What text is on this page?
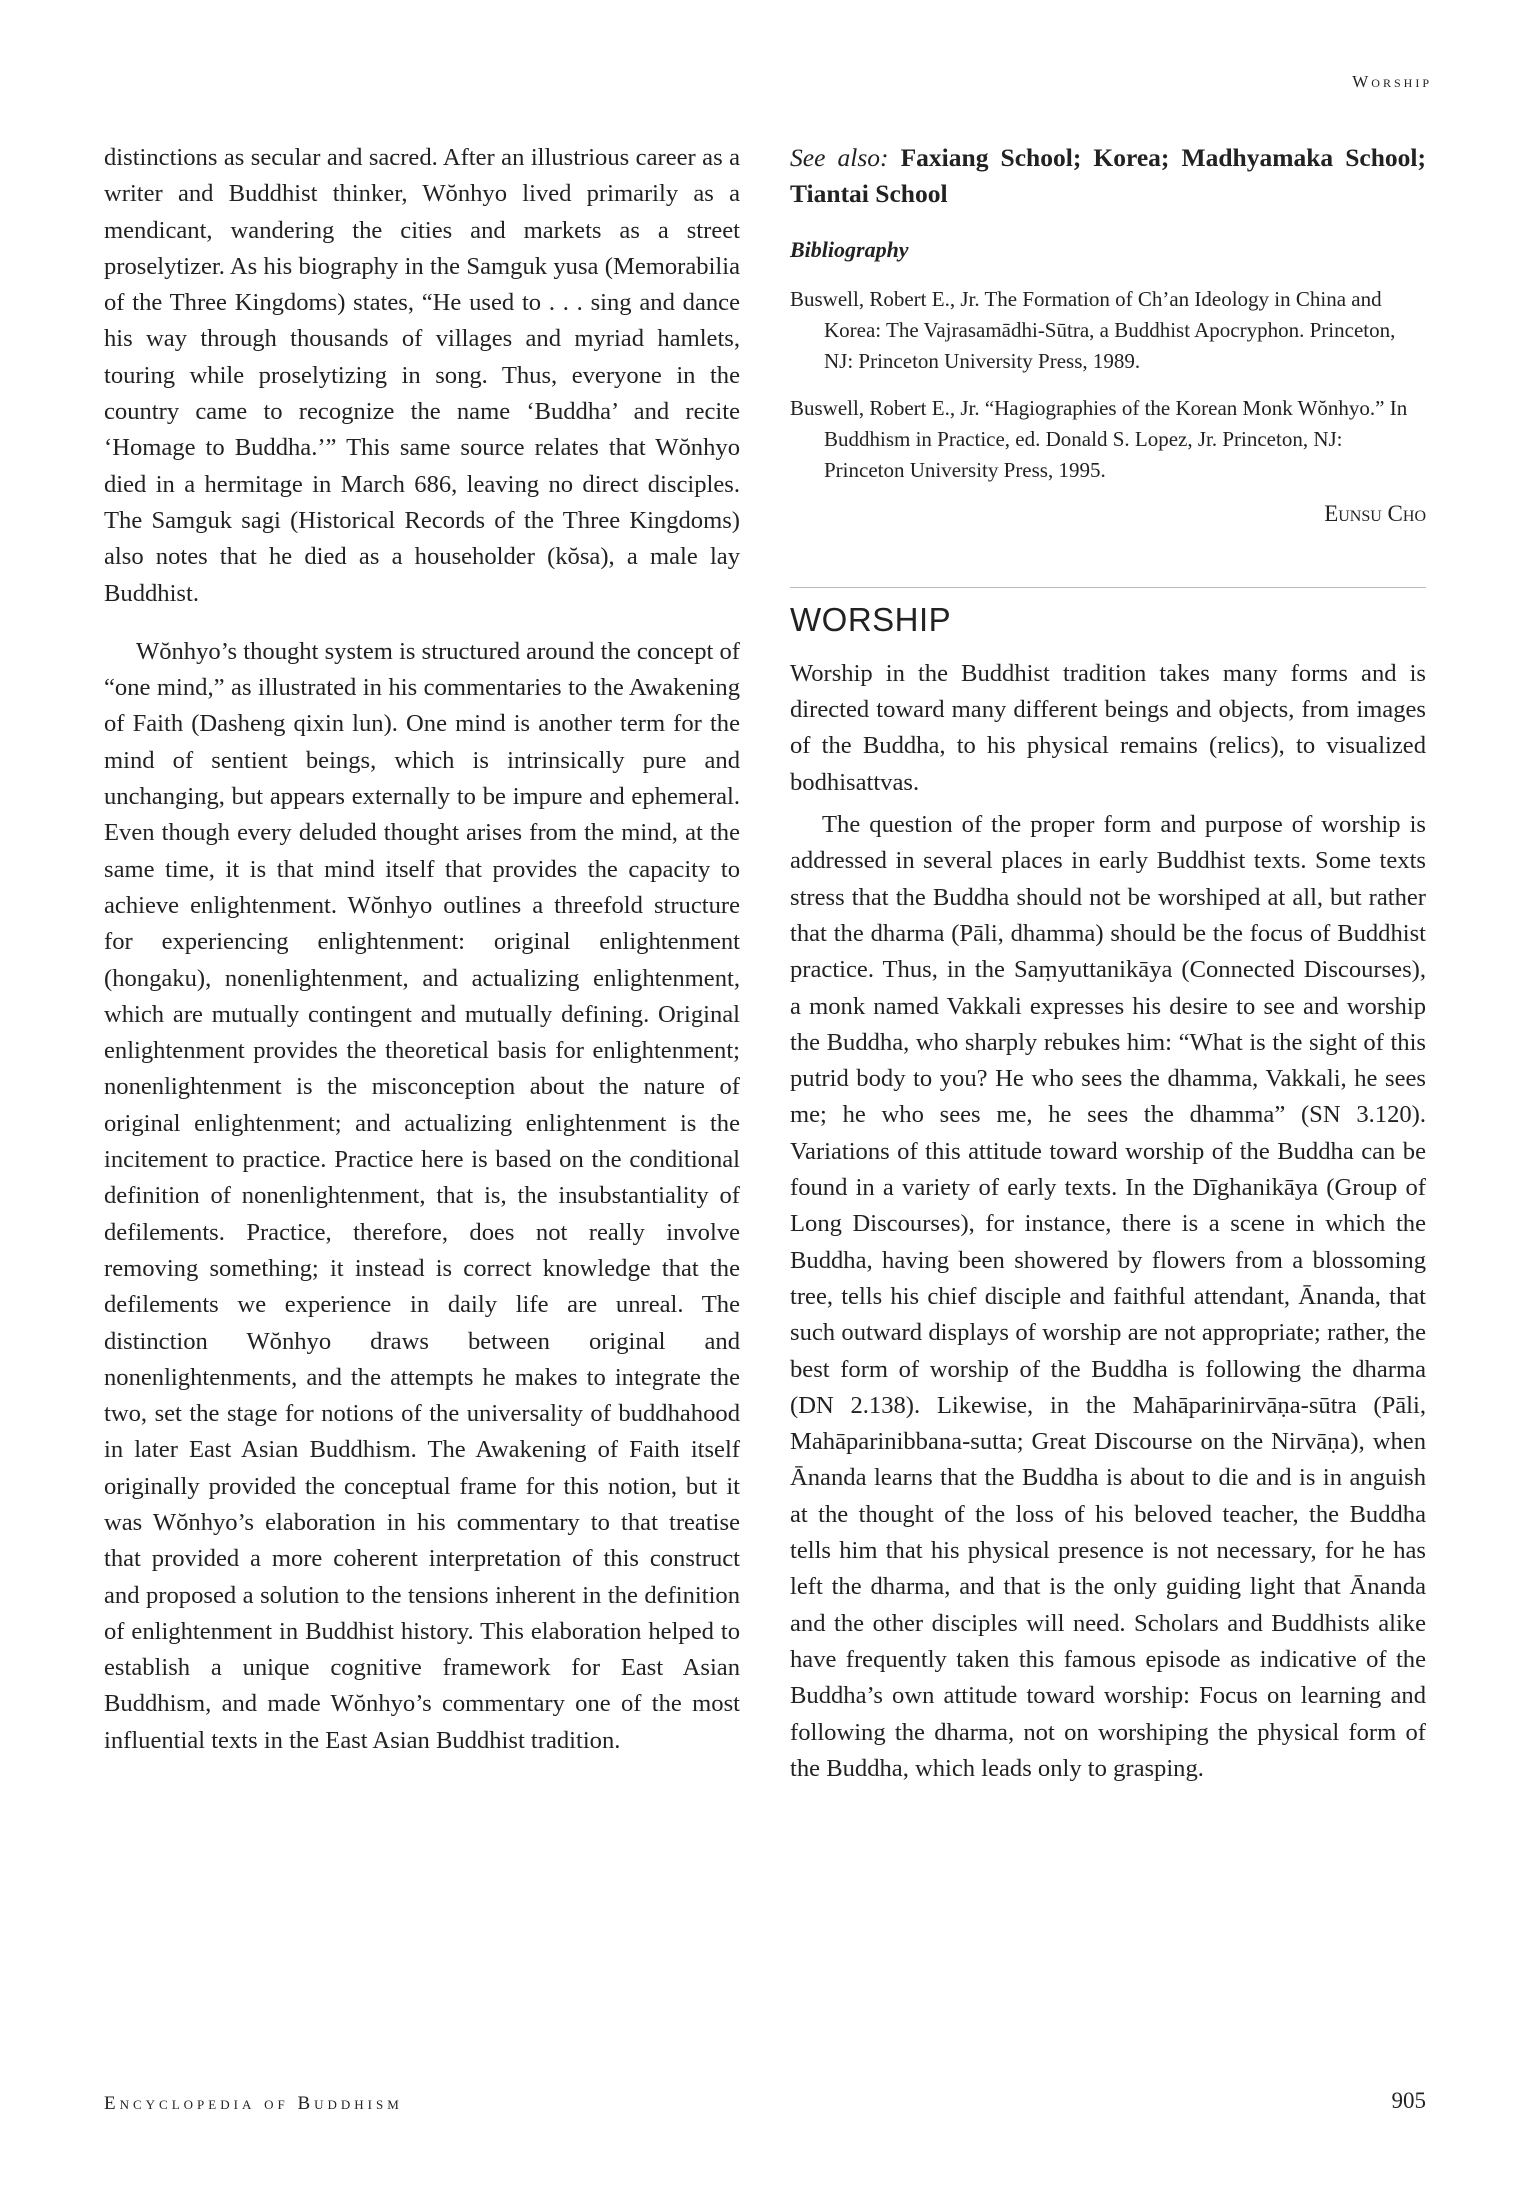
Worship

distinctions as secular and sacred. After an illustrious career as a writer and Buddhist thinker, Wŏnhyo lived primarily as a mendicant, wandering the cities and markets as a street proselytizer. As his biography in the Samguk yusa (Memorabilia of the Three Kingdoms) states, “He used to . . . sing and dance his way through thousands of villages and myriad hamlets, touring while proselytizing in song. Thus, everyone in the country came to recognize the name ‘Buddha’ and recite ‘Homage to Buddha.’” This same source relates that Wŏnhyo died in a hermitage in March 686, leaving no direct disciples. The Samguk sagi (Historical Records of the Three Kingdoms) also notes that he died as a householder (kŏsa), a male lay Buddhist.

Wŏnhyo’s thought system is structured around the concept of “one mind,” as illustrated in his commentaries to the Awakening of Faith (Dasheng qixin lun). One mind is another term for the mind of sentient beings, which is intrinsically pure and unchanging, but appears externally to be impure and ephemeral. Even though every deluded thought arises from the mind, at the same time, it is that mind itself that provides the capacity to achieve enlightenment. Wŏnhyo outlines a threefold structure for experiencing enlightenment: original enlightenment (hongaku), nonenlightenment, and actualizing enlightenment, which are mutually contingent and mutually defining. Original enlightenment provides the theoretical basis for enlightenment; nonenlightenment is the misconception about the nature of original enlightenment; and actualizing enlightenment is the incitement to practice. Practice here is based on the conditional definition of nonenlightenment, that is, the insubstantiality of defilements. Practice, therefore, does not really involve removing something; it instead is correct knowledge that the defilements we experience in daily life are unreal. The distinction Wŏnhyo draws between original and nonenlightenments, and the attempts he makes to integrate the two, set the stage for notions of the universality of buddhahood in later East Asian Buddhism. The Awakening of Faith itself originally provided the conceptual frame for this notion, but it was Wŏnhyo’s elaboration in his commentary to that treatise that provided a more coherent interpretation of this construct and proposed a solution to the tensions inherent in the definition of enlightenment in Buddhist history. This elaboration helped to establish a unique cognitive framework for East Asian Buddhism, and made Wŏnhyo’s commentary one of the most influential texts in the East Asian Buddhist tradition.

See also: Faxiang School; Korea; Madhyamaka School; Tiantai School

Bibliography

Buswell, Robert E., Jr. The Formation of Ch’an Ideology in China and Korea: The Vajrasamādhi-Sūtra, a Buddhist Apocryphon. Princeton, NJ: Princeton University Press, 1989.

Buswell, Robert E., Jr. “Hagiographies of the Korean Monk Wŏnhyo.” In Buddhism in Practice, ed. Donald S. Lopez, Jr. Princeton, NJ: Princeton University Press, 1995.

Eunsu Cho

WORSHIP

Worship in the Buddhist tradition takes many forms and is directed toward many different beings and objects, from images of the Buddha, to his physical remains (relics), to visualized bodhisattvas.

The question of the proper form and purpose of worship is addressed in several places in early Buddhist texts. Some texts stress that the Buddha should not be worshiped at all, but rather that the dharma (Pāli, dhamma) should be the focus of Buddhist practice. Thus, in the Saṃyuttanikāya (Connected Discourses), a monk named Vakkali expresses his desire to see and worship the Buddha, who sharply rebukes him: “What is the sight of this putrid body to you? He who sees the dhamma, Vakkali, he sees me; he who sees me, he sees the dhamma” (SN 3.120). Variations of this attitude toward worship of the Buddha can be found in a variety of early texts. In the Dīghanikāya (Group of Long Discourses), for instance, there is a scene in which the Buddha, having been showered by flowers from a blossoming tree, tells his chief disciple and faithful attendant, Ānanda, that such outward displays of worship are not appropriate; rather, the best form of worship of the Buddha is following the dharma (DN 2.138). Likewise, in the Mahāparinirvāṇa-sūtra (Pāli, Mahāparinibbana-sutta; Great Discourse on the Nirvāṇa), when Ānanda learns that the Buddha is about to die and is in anguish at the thought of the loss of his beloved teacher, the Buddha tells him that his physical presence is not necessary, for he has left the dharma, and that is the only guiding light that Ānanda and the other disciples will need. Scholars and Buddhists alike have frequently taken this famous episode as indicative of the Buddha’s own attitude toward worship: Focus on learning and following the dharma, not on worshiping the physical form of the Buddha, which leads only to grasping.

Encyclopedia of Buddhism	905
